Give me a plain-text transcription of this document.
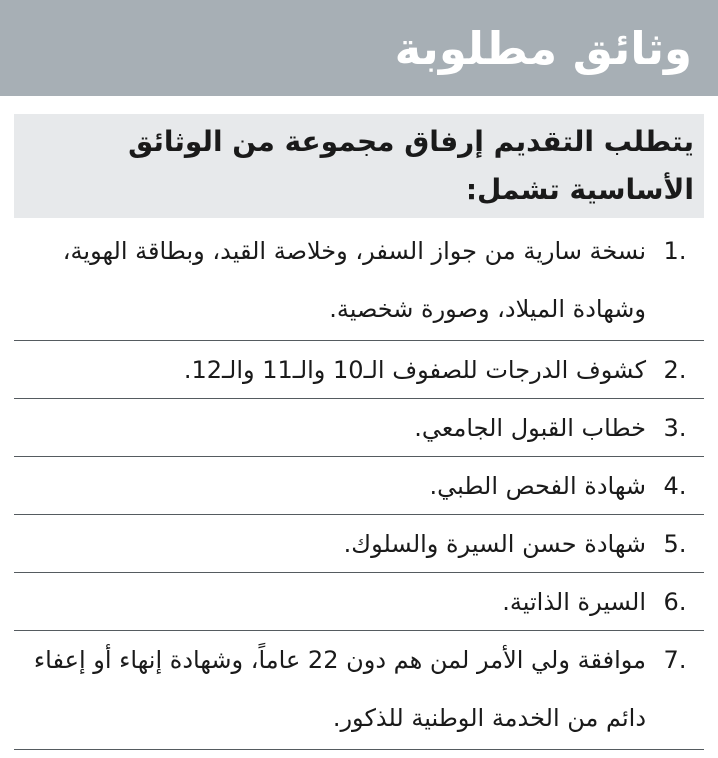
وثائق مطلوبة
يتطلب التقديم إرفاق مجموعة من الوثائق الأساسية تشمل:
1.
نسخة سارية من جواز السفر، وخلاصة القيد، وبطاقة الهوية، وشهادة الميلاد، وصورة شخصية.
2.
كشوف الدرجات للصفوف الـ10 والـ11 والـ12.
3.
خطاب القبول الجامعي.
4.
شهادة الفحص الطبي.
5.
شهادة حسن السيرة والسلوك.
6.
السيرة الذاتية.
7.
موافقة ولي الأمر لمن هم دون 22 عاماً، وشهادة إنهاء أو إعفاء دائم من الخدمة الوطنية للذكور.
